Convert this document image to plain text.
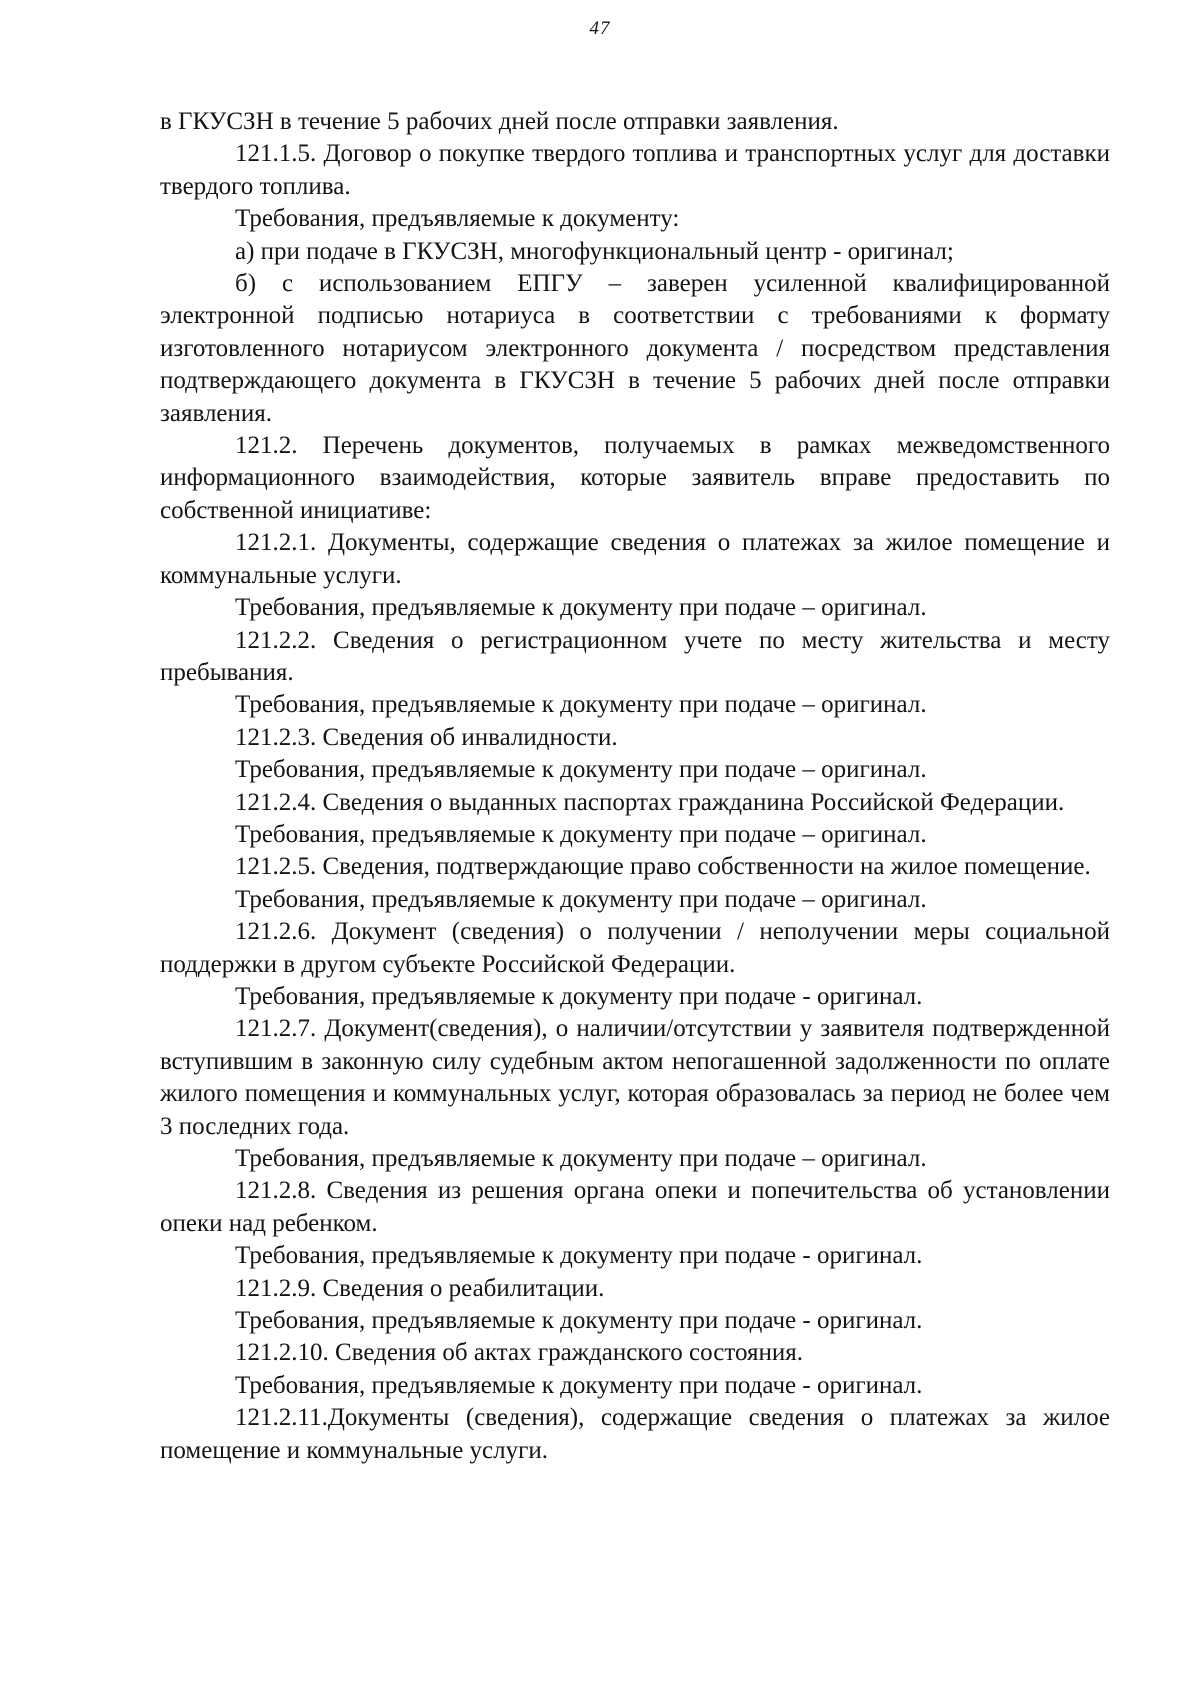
47

в ГКУСЗН в течение 5 рабочих дней после отправки заявления.

121.1.5. Договор о покупке твердого топлива и транспортных услуг для доставки твердого топлива.

Требования, предъявляемые к документу:

а) при подаче в ГКУСЗН, многофункциональный центр - оригинал;

б) с использованием ЕПГУ – заверен усиленной квалифицированной электронной подписью нотариуса в соответствии с требованиями к формату изготовленного нотариусом электронного документа / посредством представления подтверждающего документа в ГКУСЗН в течение 5 рабочих дней после отправки заявления.

121.2. Перечень документов, получаемых в рамках межведомственного информационного взаимодействия, которые заявитель вправе предоставить по собственной инициативе:

121.2.1. Документы, содержащие сведения о платежах за жилое помещение и коммунальные услуги.

Требования, предъявляемые к документу при подаче – оригинал.

121.2.2. Сведения о регистрационном учете по месту жительства и месту пребывания.

Требования, предъявляемые к документу при подаче – оригинал.

121.2.3. Сведения об инвалидности.

Требования, предъявляемые к документу при подаче – оригинал.

121.2.4. Сведения о выданных паспортах гражданина Российской Федерации.

Требования, предъявляемые к документу при подаче – оригинал.

121.2.5. Сведения, подтверждающие право собственности на жилое помещение.

Требования, предъявляемые к документу при подаче – оригинал.

121.2.6. Документ (сведения) о получении / неполучении меры социальной поддержки в другом субъекте Российской Федерации.

Требования, предъявляемые к документу при подаче - оригинал.

121.2.7. Документ(сведения), о наличии/отсутствии у заявителя подтвержденной вступившим в законную силу судебным актом непогашенной задолженности по оплате жилого помещения и коммунальных услуг, которая образовалась за период не более чем 3 последних года.

Требования, предъявляемые к документу при подаче – оригинал.

121.2.8. Сведения из решения органа опеки и попечительства об установлении опеки над ребенком.

Требования, предъявляемые к документу при подаче - оригинал.

121.2.9. Сведения о реабилитации.

Требования, предъявляемые к документу при подаче - оригинал.

121.2.10. Сведения об актах гражданского состояния.

Требования, предъявляемые к документу при подаче - оригинал.

121.2.11.Документы (сведения), содержащие сведения о платежах за жилое помещение и коммунальные услуги.
